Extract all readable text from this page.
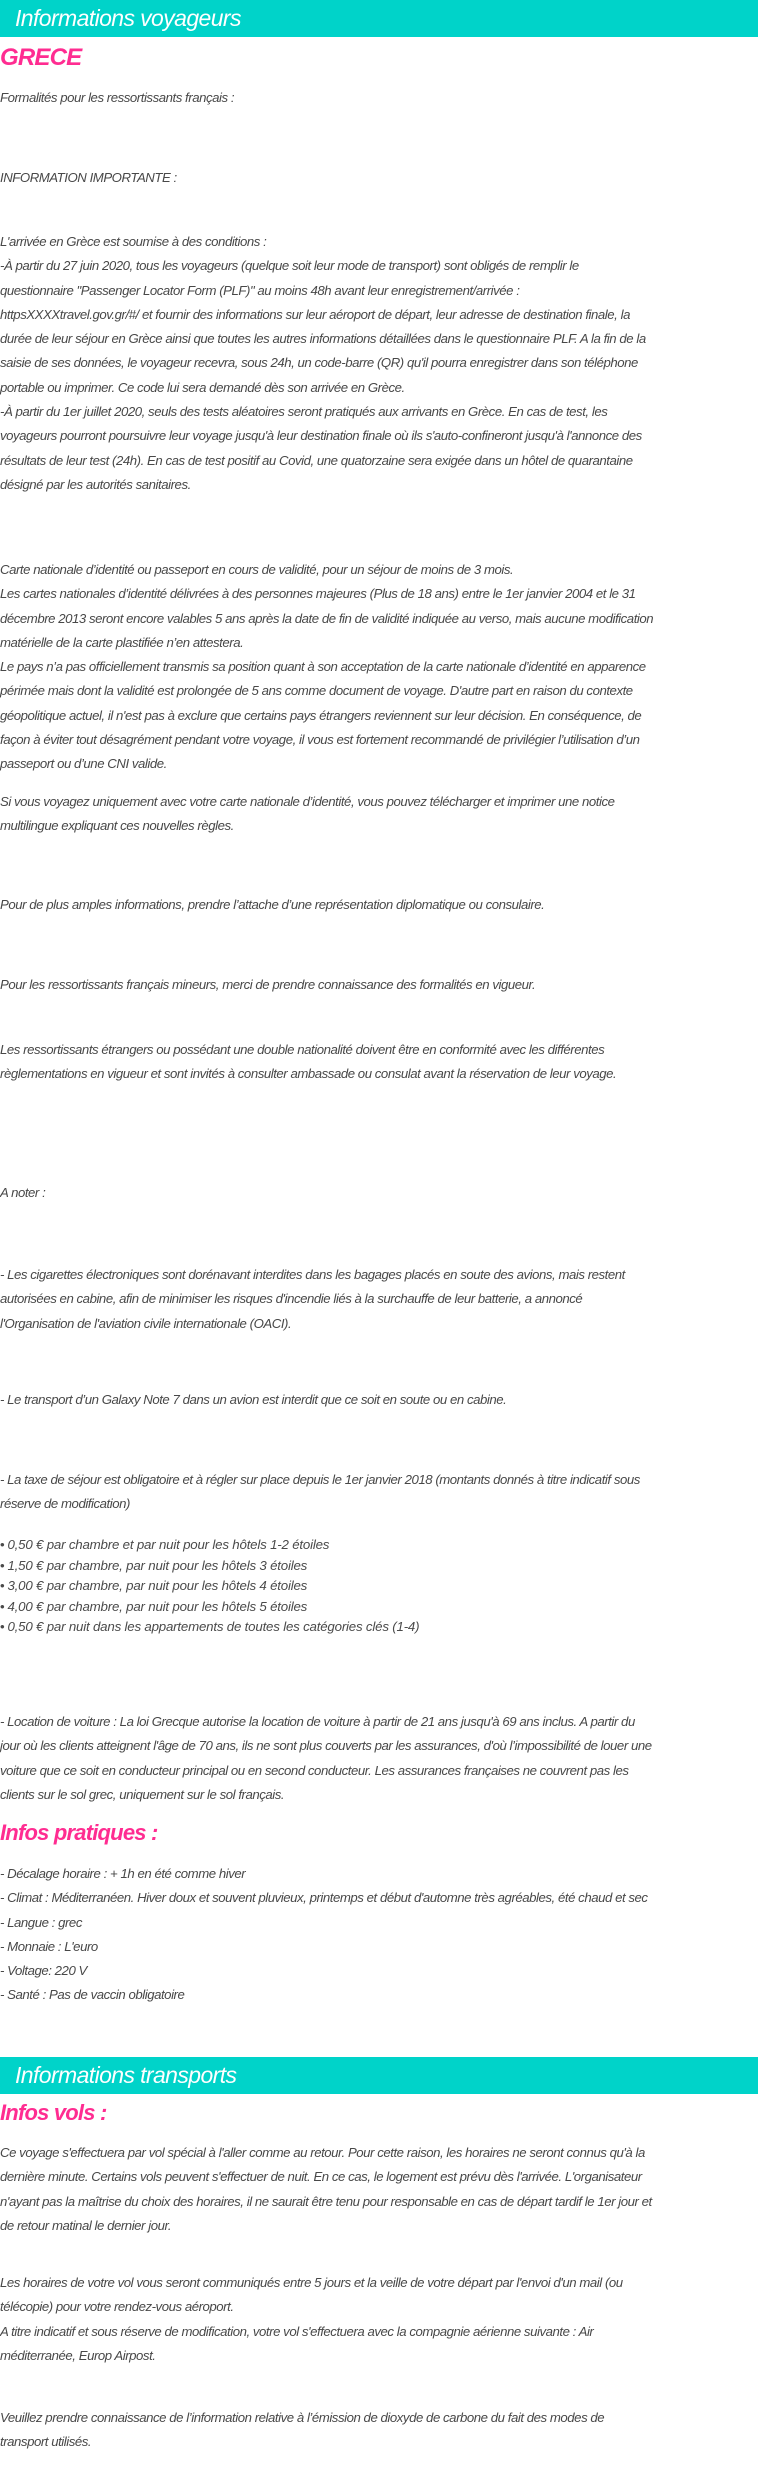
Informations voyageurs
GRECE

Formalités pour les ressortissants français :

INFORMATION IMPORTANTE :

L'arrivée en Grèce est soumise à des conditions :
-À partir du 27 juin 2020, tous les voyageurs (quelque soit leur mode de transport) sont obligés de remplir le
questionnaire "Passenger Locator Form (PLF)" au moins 48h avant leur enregistrement/arrivée :
httpsXXXXtravel.gov.gr/#/ et fournir des informations sur leur aéroport de départ, leur adresse de destination finale, la
durée de leur séjour en Grèce ainsi que toutes les autres informations détaillées dans le questionnaire PLF. A la fin de la
saisie de ses données, le voyageur recevra, sous 24h, un code-barre (QR) qu'il pourra enregistrer dans son téléphone
portable ou imprimer. Ce code lui sera demandé dès son arrivée en Grèce.
-À partir du 1er juillet 2020, seuls des tests aléatoires seront pratiqués aux arrivants en Grèce. En cas de test, les
voyageurs pourront poursuivre leur voyage jusqu'à leur destination finale où ils s'auto-confineront jusqu'à l'annonce des
résultats de leur test (24h). En cas de test positif au Covid, une quatorzaine sera exigée dans un hôtel de quarantaine
désigné par les autorités sanitaires.

Carte nationale d’identité ou passeport en cours de validité, pour un séjour de moins de 3 mois.
Les cartes nationales d’identité délivrées à des personnes majeures (Plus de 18 ans) entre le 1er janvier 2004 et le 31
décembre 2013 seront encore valables 5 ans après la date de fin de validité indiquée au verso, mais aucune modification
matérielle de la carte plastifiée n’en attestera.
Le pays n’a pas officiellement transmis sa position quant à son acceptation de la carte nationale d’identité en apparence
périmée mais dont la validité est prolongée de 5 ans comme document de voyage. D'autre part en raison du contexte
géopolitique actuel, il n'est pas à exclure que certains pays étrangers reviennent sur leur décision. En conséquence, de
façon à éviter tout désagrément pendant votre voyage, il vous est fortement recommandé de privilégier l’utilisation d’un
passeport ou d’une CNI valide.

Si vous voyagez uniquement avec votre carte nationale d’identité, vous pouvez télécharger et imprimer une notice
multilingue expliquant ces nouvelles règles.

Pour de plus amples informations, prendre l’attache d’une représentation diplomatique ou consulaire.

Pour les ressortissants français mineurs, merci de prendre connaissance des formalités en vigueur.

Les ressortissants étrangers ou possédant une double nationalité doivent être en conformité avec les différentes
règlementations en vigueur et sont invités à consulter ambassade ou consulat avant la réservation de leur voyage.

A noter :

- Les cigarettes électroniques sont dorénavant interdites dans les bagages placés en soute des avions, mais restent
autorisées en cabine, afin de minimiser les risques d'incendie liés à la surchauffe de leur batterie, a annoncé
l'Organisation de l'aviation civile internationale (OACI).

- Le transport d’un Galaxy Note 7 dans un avion est interdit que ce soit en soute ou en cabine.

- La taxe de séjour est obligatoire et à régler sur place depuis le 1er janvier 2018 (montants donnés à titre indicatif sous
réserve de modification)

• 0,50 € par chambre et par nuit pour les hôtels 1-2 étoiles
• 1,50 € par chambre, par nuit pour les hôtels 3 étoiles
• 3,00 € par chambre, par nuit pour les hôtels 4 étoiles
• 4,00 € par chambre, par nuit pour les hôtels 5 étoiles
• 0,50 € par nuit dans les appartements de toutes les catégories clés (1-4)

- Location de voiture : La loi Grecque autorise la location de voiture à partir de 21 ans jusqu'à 69 ans inclus. A partir du
jour où les clients atteignent l'âge de 70 ans, ils ne sont plus couverts par les assurances, d'où l’impossibilité de louer une
voiture que ce soit en conducteur principal ou en second conducteur. Les assurances françaises ne couvrent pas les
clients sur le sol grec, uniquement sur le sol français.

Infos pratiques :

- Décalage horaire : + 1h en été comme hiver
- Climat : Méditerranéen. Hiver doux et souvent pluvieux, printemps et début d'automne très agréables, été chaud et sec
- Langue : grec
- Monnaie : L'euro
- Voltage: 220 V
- Santé : Pas de vaccin obligatoire

Informations transports
Infos vols :

Ce voyage s'effectuera par vol spécial à l'aller comme au retour. Pour cette raison, les horaires ne seront connus qu'à la
dernière minute. Certains vols peuvent s'effectuer de nuit. En ce cas, le logement est prévu dès l'arrivée. L'organisateur
n'ayant pas la maîtrise du choix des horaires, il ne saurait être tenu pour responsable en cas de départ tardif le 1er jour et
de retour matinal le dernier jour.

Les horaires de votre vol vous seront communiqués entre 5 jours et la veille de votre départ par l'envoi d'un mail (ou
télécopie) pour votre rendez-vous aéroport.
A titre indicatif et sous réserve de modification, votre vol s'effectuera avec la compagnie aérienne suivante : Air
méditerranée, Europ Airpost.

Veuillez prendre connaissance de l’information relative à l’émission de dioxyde de carbone du fait des modes de
transport utilisés.
